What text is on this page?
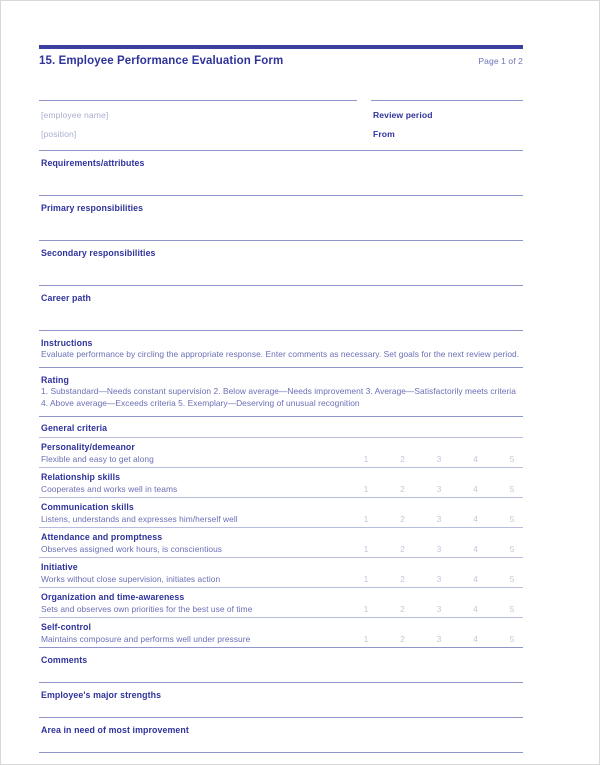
15. Employee Performance Evaluation Form	Page 1 of 2
[employee name]
[position]
Review period
From
Requirements/attributes
Primary responsibilities
Secondary responsibilities
Career path
Instructions
Evaluate performance by circling the appropriate response. Enter comments as necessary. Set goals for the next review period.
Rating
1. Substandard—Needs constant supervision 2. Below average—Needs improvement 3. Average—Satisfactorily meets criteria
4. Above average—Exceeds criteria 5. Exemplary—Deserving of unusual recognition
General criteria
Personality/demeanor
Flexible and easy to get along	1	2	3	4	5
Relationship skills
Cooperates and works well in teams	1	2	3	4	5
Communication skills
Listens, understands and expresses him/herself well	1	2	3	4	5
Attendance and promptness
Observes assigned work hours, is conscientious	1	2	3	4	5
Initiative
Works without close supervision, initiates action	1	2	3	4	5
Organization and time-awareness
Sets and observes own priorities for the best use of time	1	2	3	4	5
Self-control
Maintains composure and performs well under pressure	1	2	3	4	5
Comments
Employee's major strengths
Area in need of most improvement
